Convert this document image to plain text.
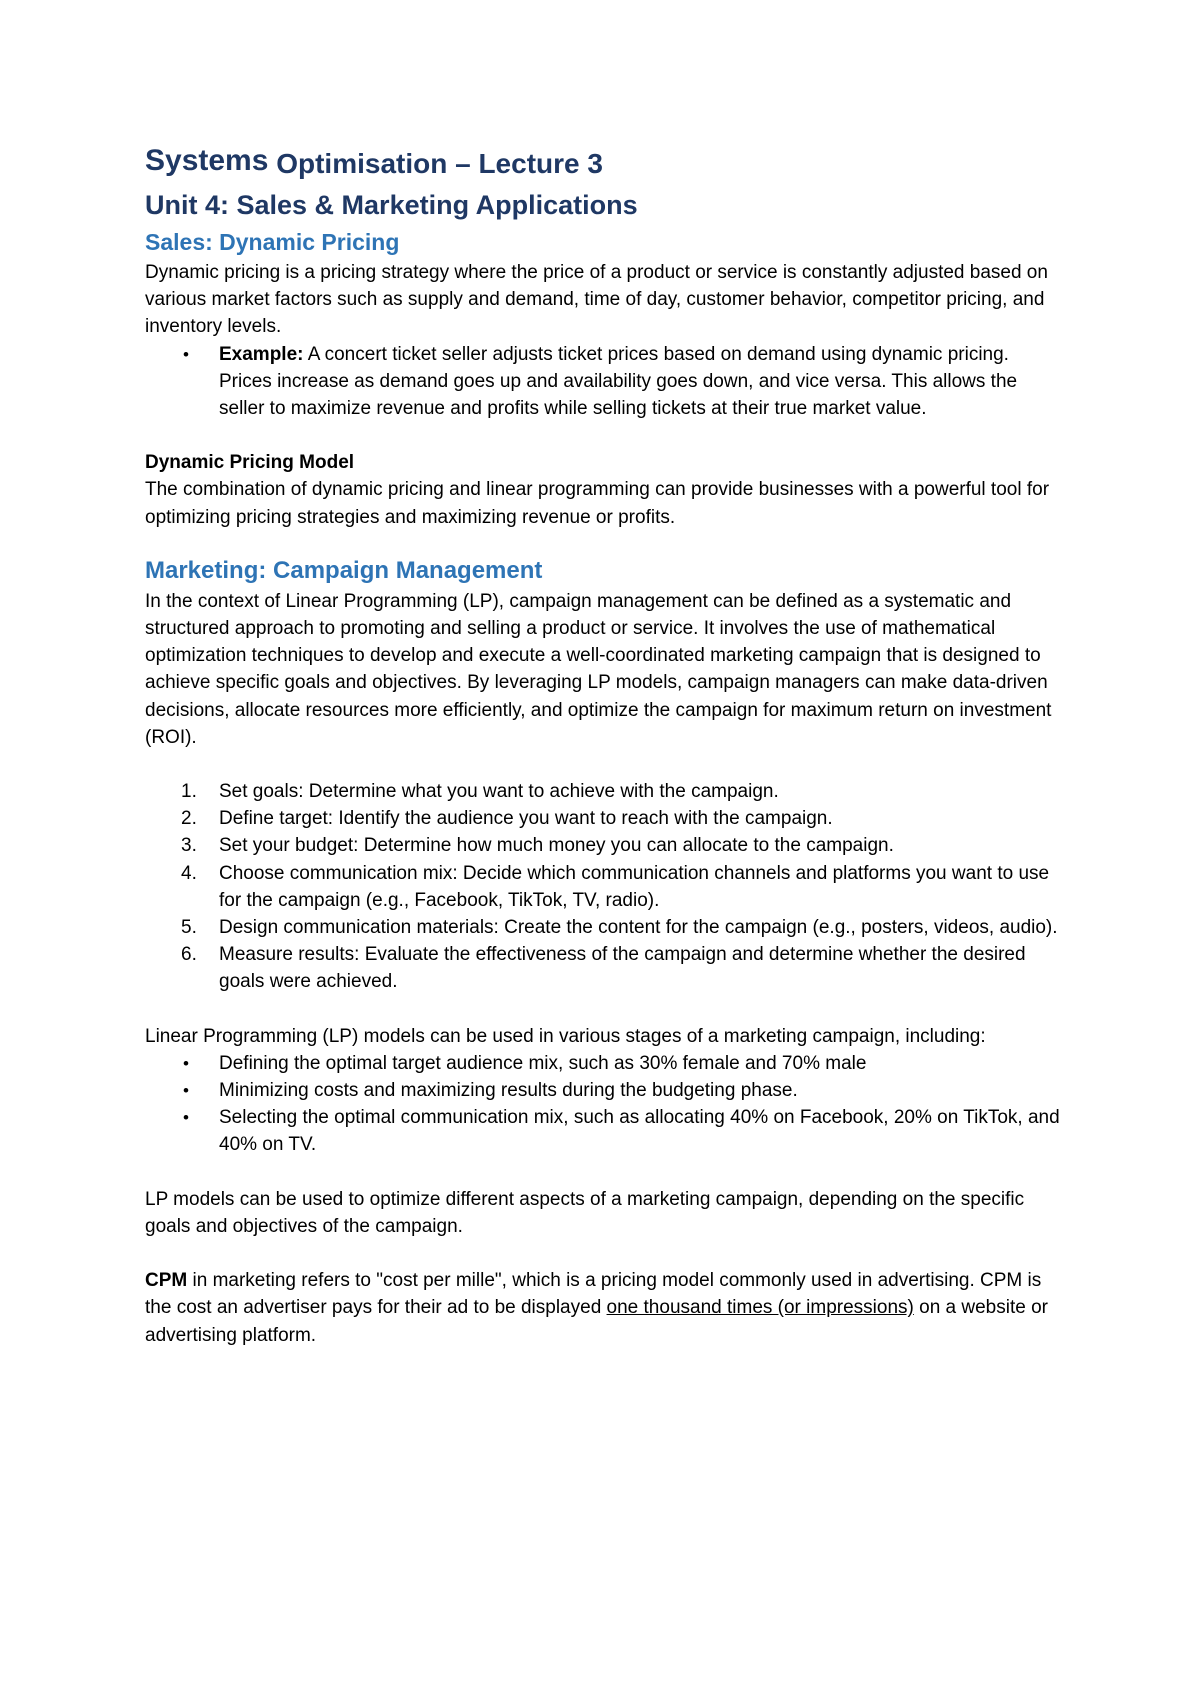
Systems Optimisation – Lecture 3
Unit 4: Sales & Marketing Applications
Sales: Dynamic Pricing

Dynamic pricing is a pricing strategy where the price of a product or service is constantly adjusted based on various market factors such as supply and demand, time of day, customer behavior, competitor pricing, and inventory levels.

• Example: A concert ticket seller adjusts ticket prices based on demand using dynamic pricing. Prices increase as demand goes up and availability goes down, and vice versa. This allows the seller to maximize revenue and profits while selling tickets at their true market value.

Dynamic Pricing Model

The combination of dynamic pricing and linear programming can provide businesses with a powerful tool for optimizing pricing strategies and maximizing revenue or profits.

Marketing: Campaign Management

In the context of Linear Programming (LP), campaign management can be defined as a systematic and structured approach to promoting and selling a product or service. It involves the use of mathematical optimization techniques to develop and execute a well-coordinated marketing campaign that is designed to achieve specific goals and objectives. By leveraging LP models, campaign managers can make data-driven decisions, allocate resources more efficiently, and optimize the campaign for maximum return on investment (ROI).

1. Set goals: Determine what you want to achieve with the campaign.
2. Define target: Identify the audience you want to reach with the campaign.
3. Set your budget: Determine how much money you can allocate to the campaign.
4. Choose communication mix: Decide which communication channels and platforms you want to use for the campaign (e.g., Facebook, TikTok, TV, radio).
5. Design communication materials: Create the content for the campaign (e.g., posters, videos, audio).
6. Measure results: Evaluate the effectiveness of the campaign and determine whether the desired goals were achieved.

Linear Programming (LP) models can be used in various stages of a marketing campaign, including:

• Defining the optimal target audience mix, such as 30% female and 70% male
• Minimizing costs and maximizing results during the budgeting phase.
• Selecting the optimal communication mix, such as allocating 40% on Facebook, 20% on TikTok, and 40% on TV.

LP models can be used to optimize different aspects of a marketing campaign, depending on the specific goals and objectives of the campaign.

CPM in marketing refers to "cost per mille", which is a pricing model commonly used in advertising. CPM is the cost an advertiser pays for their ad to be displayed one thousand times (or impressions) on a website or advertising platform.
